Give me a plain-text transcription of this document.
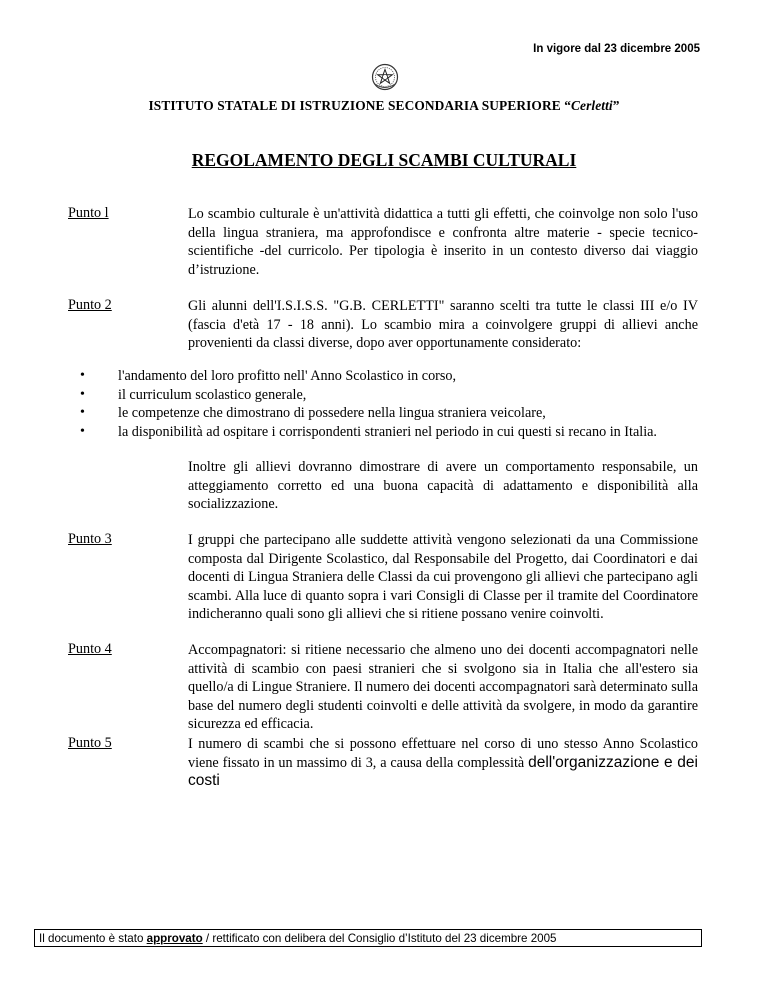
In vigore dal 23 dicembre 2005
ISTITUTO STATALE DI ISTRUZIONE SECONDARIA SUPERIORE “Cerletti”
REGOLAMENTO DEGLI SCAMBI CULTURALI
Punto l	Lo scambio culturale è un'attività didattica a tutti gli effetti, che coinvolge non solo l'uso della lingua straniera, ma approfondisce e confronta altre materie - specie tecnico-scientifiche -del curricolo. Per tipologia è inserito in un contesto diverso dai viaggio d’istruzione.

Punto 2	Gli alunni dell'I.S.I.S.S. "G.B. CERLETTI" saranno scelti tra tutte le classi III e/o IV (fascia d'età 17 - 18 anni). Lo scambio mira a coinvolgere gruppi di allievi anche provenienti da classi diverse, dopo aver opportunamente considerato:

• l'andamento del loro profitto nell' Anno Scolastico in corso,
• il curriculum scolastico generale,
• le competenze che dimostrano di possedere nella lingua straniera veicolare,
• la disponibilità ad ospitare i corrispondenti stranieri nel periodo in cui questi si recano in Italia.

Inoltre gli allievi dovranno dimostrare di avere un comportamento responsabile, un atteggiamento corretto ed una buona capacità di adattamento e disponibilità alla socializzazione.

Punto 3	I gruppi che partecipano alle suddette attività vengono selezionati da una Commissione composta dal Dirigente Scolastico, dal Responsabile del Progetto, dai Coordinatori e dai docenti di Lingua Straniera delle Classi da cui provengono gli allievi che partecipano agli scambi. Alla luce di quanto sopra i vari Consigli di Classe per il tramite del Coordinatore indicheranno quali sono gli allievi che si ritiene possano venire coinvolti.

Punto 4	Accompagnatori: si ritiene necessario che almeno uno dei docenti accompagnatori nelle attività di scambio con paesi stranieri che si svolgono sia in Italia che all'estero sia quello/a di Lingue Straniere. Il numero dei docenti accompagnatori sarà determinato sulla base del numero degli studenti coinvolti e delle attività da svolgere, in modo da garantire sicurezza ed efficacia.

Punto 5	I numero di scambi che si possono effettuare nel corso di uno stesso Anno Scolastico viene fissato in un massimo di 3, a causa della complessità dell'organizzazione e dei costi

Il documento è stato approvato / rettificato con delibera del Consiglio d’Istituto del 23 dicembre 2005
